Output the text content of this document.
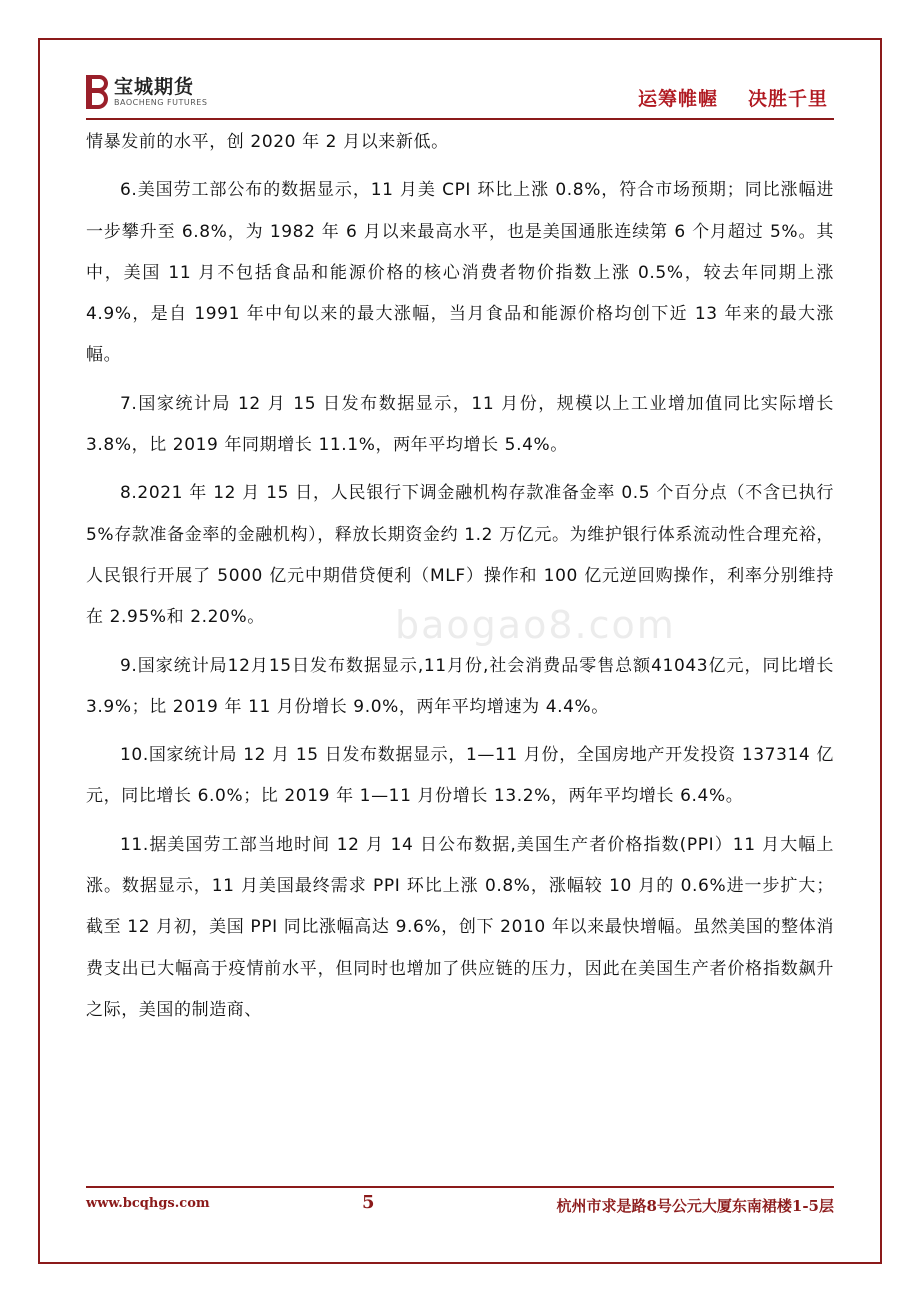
宝城期货
BAOCHENG FUTURES	运筹帷幄 决胜千里

情暴发前的水平，创 2020 年 2 月以来新低。

6.美国劳工部公布的数据显示，11 月美 CPI 环比上涨 0.8%，符合市场预期；同比涨幅进一步攀升至 6.8%，为 1982 年 6 月以来最高水平，也是美国通胀连续第 6 个月超过 5%。其中，美国 11 月不包括食品和能源价格的核心消费者物价指数上涨 0.5%，较去年同期上涨 4.9%，是自 1991 年中旬以来的最大涨幅，当月食品和能源价格均创下近 13 年来的最大涨幅。

7.国家统计局 12 月 15 日发布数据显示，11 月份，规模以上工业增加值同比实际增长 3.8%，比 2019 年同期增长 11.1%，两年平均增长 5.4%。

8.2021 年 12 月 15 日，人民银行下调金融机构存款准备金率 0.5 个百分点（不含已执行 5%存款准备金率的金融机构），释放长期资金约 1.2 万亿元。为维护银行体系流动性合理充裕，人民银行开展了 5000 亿元中期借贷便利（MLF）操作和 100 亿元逆回购操作，利率分别维持在 2.95%和 2.20%。

9.国家统计局12月15日发布数据显示,11月份,社会消费品零售总额41043亿元，同比增长 3.9%；比 2019 年 11 月份增长 9.0%，两年平均增速为 4.4%。

10.国家统计局 12 月 15 日发布数据显示，1—11 月份，全国房地产开发投资 137314 亿元，同比增长 6.0%；比 2019 年 1—11 月份增长 13.2%，两年平均增长 6.4%。

11.据美国劳工部当地时间 12 月 14 日公布数据,美国生产者价格指数(PPI）11 月大幅上涨。数据显示，11 月美国最终需求 PPI 环比上涨 0.8%，涨幅较 10 月的 0.6%进一步扩大；截至 12 月初，美国 PPI 同比涨幅高达 9.6%，创下 2010 年以来最快增幅。虽然美国的整体消费支出已大幅高于疫情前水平，但同时也增加了供应链的压力，因此在美国生产者价格指数飙升之际，美国的制造商、

baogao8.com
www.bcqhgs.com	5	杭州市求是路8号公元大厦东南裙楼1-5层
